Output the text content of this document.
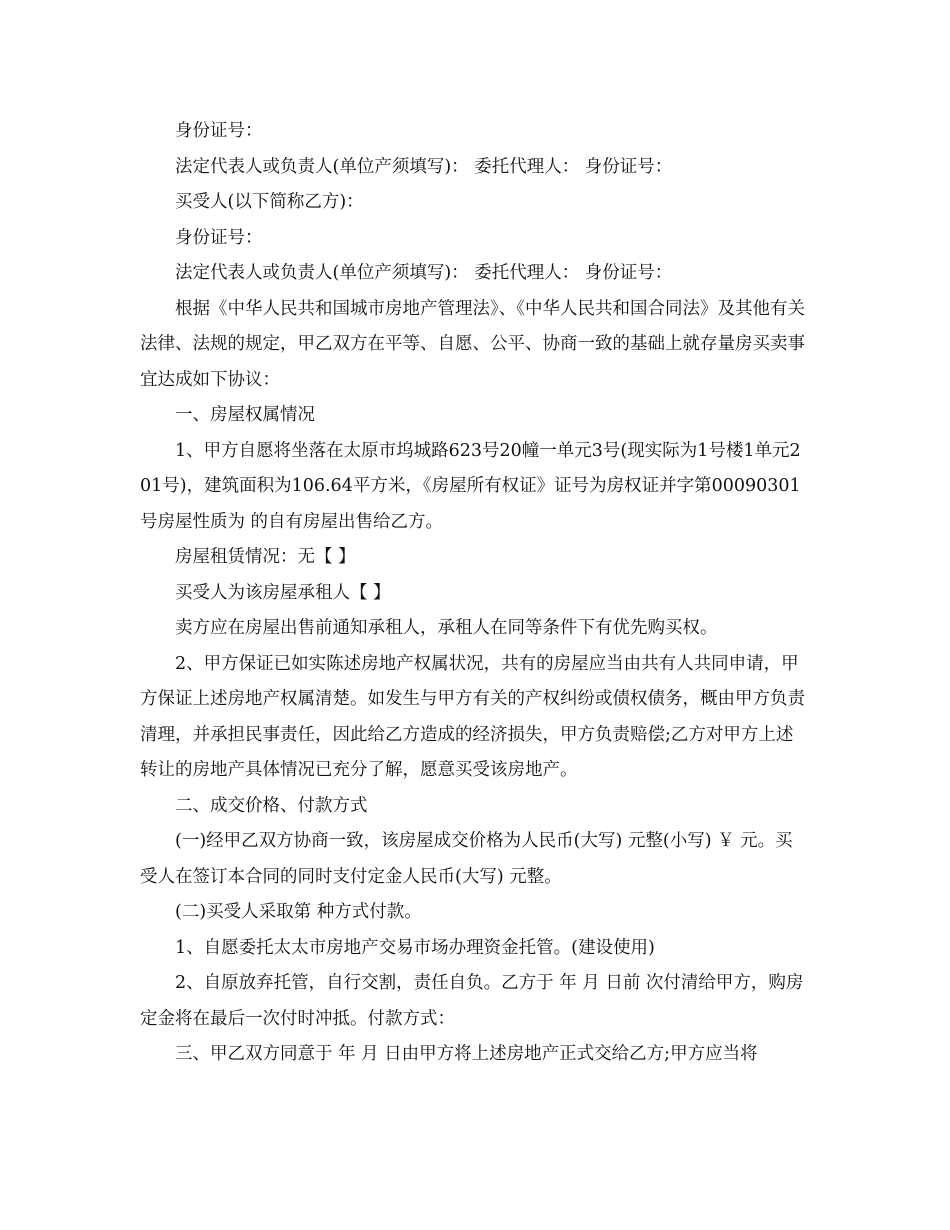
身份证号：

法定代表人或负责人(单位产须填写)： 委托代理人： 身份证号：

买受人(以下简称乙方)：

身份证号：

法定代表人或负责人(单位产须填写)： 委托代理人： 身份证号：

根据《中华人民共和国城市房地产管理法》、《中华人民共和国合同法》及其他有关法律、法规的规定，甲乙双方在平等、自愿、公平、协商一致的基础上就存量房买卖事宜达成如下协议：

一、房屋权属情况

1、甲方自愿将坐落在太原市坞城路623号20幢一单元3号(现实际为1号楼1单元201号)，建筑面积为106.64平方米，《房屋所有权证》证号为房权证并字第00090301号房屋性质为 的自有房屋出售给乙方。

房屋租赁情况：无【 】

买受人为该房屋承租人【 】

卖方应在房屋出售前通知承租人，承租人在同等条件下有优先购买权。

2、甲方保证已如实陈述房地产权属状况，共有的房屋应当由共有人共同申请，甲方保证上述房地产权属清楚。如发生与甲方有关的产权纠纷或债权债务，概由甲方负责清理，并承担民事责任，因此给乙方造成的经济损失，甲方负责赔偿;乙方对甲方上述转让的房地产具体情况已充分了解，愿意买受该房地产。

二、成交价格、付款方式

(一)经甲乙双方协商一致，该房屋成交价格为人民币(大写) 元整(小写) ￥ 元。买受人在签订本合同的同时支付定金人民币(大写) 元整。

(二)买受人采取第 种方式付款。

1、自愿委托太太市房地产交易市场办理资金托管。(建设使用)

2、自原放弃托管，自行交割，责任自负。乙方于 年 月 日前 次付清给甲方，购房定金将在最后一次付时冲抵。付款方式：

三、甲乙双方同意于 年 月 日由甲方将上述房地产正式交给乙方;甲方应当将
